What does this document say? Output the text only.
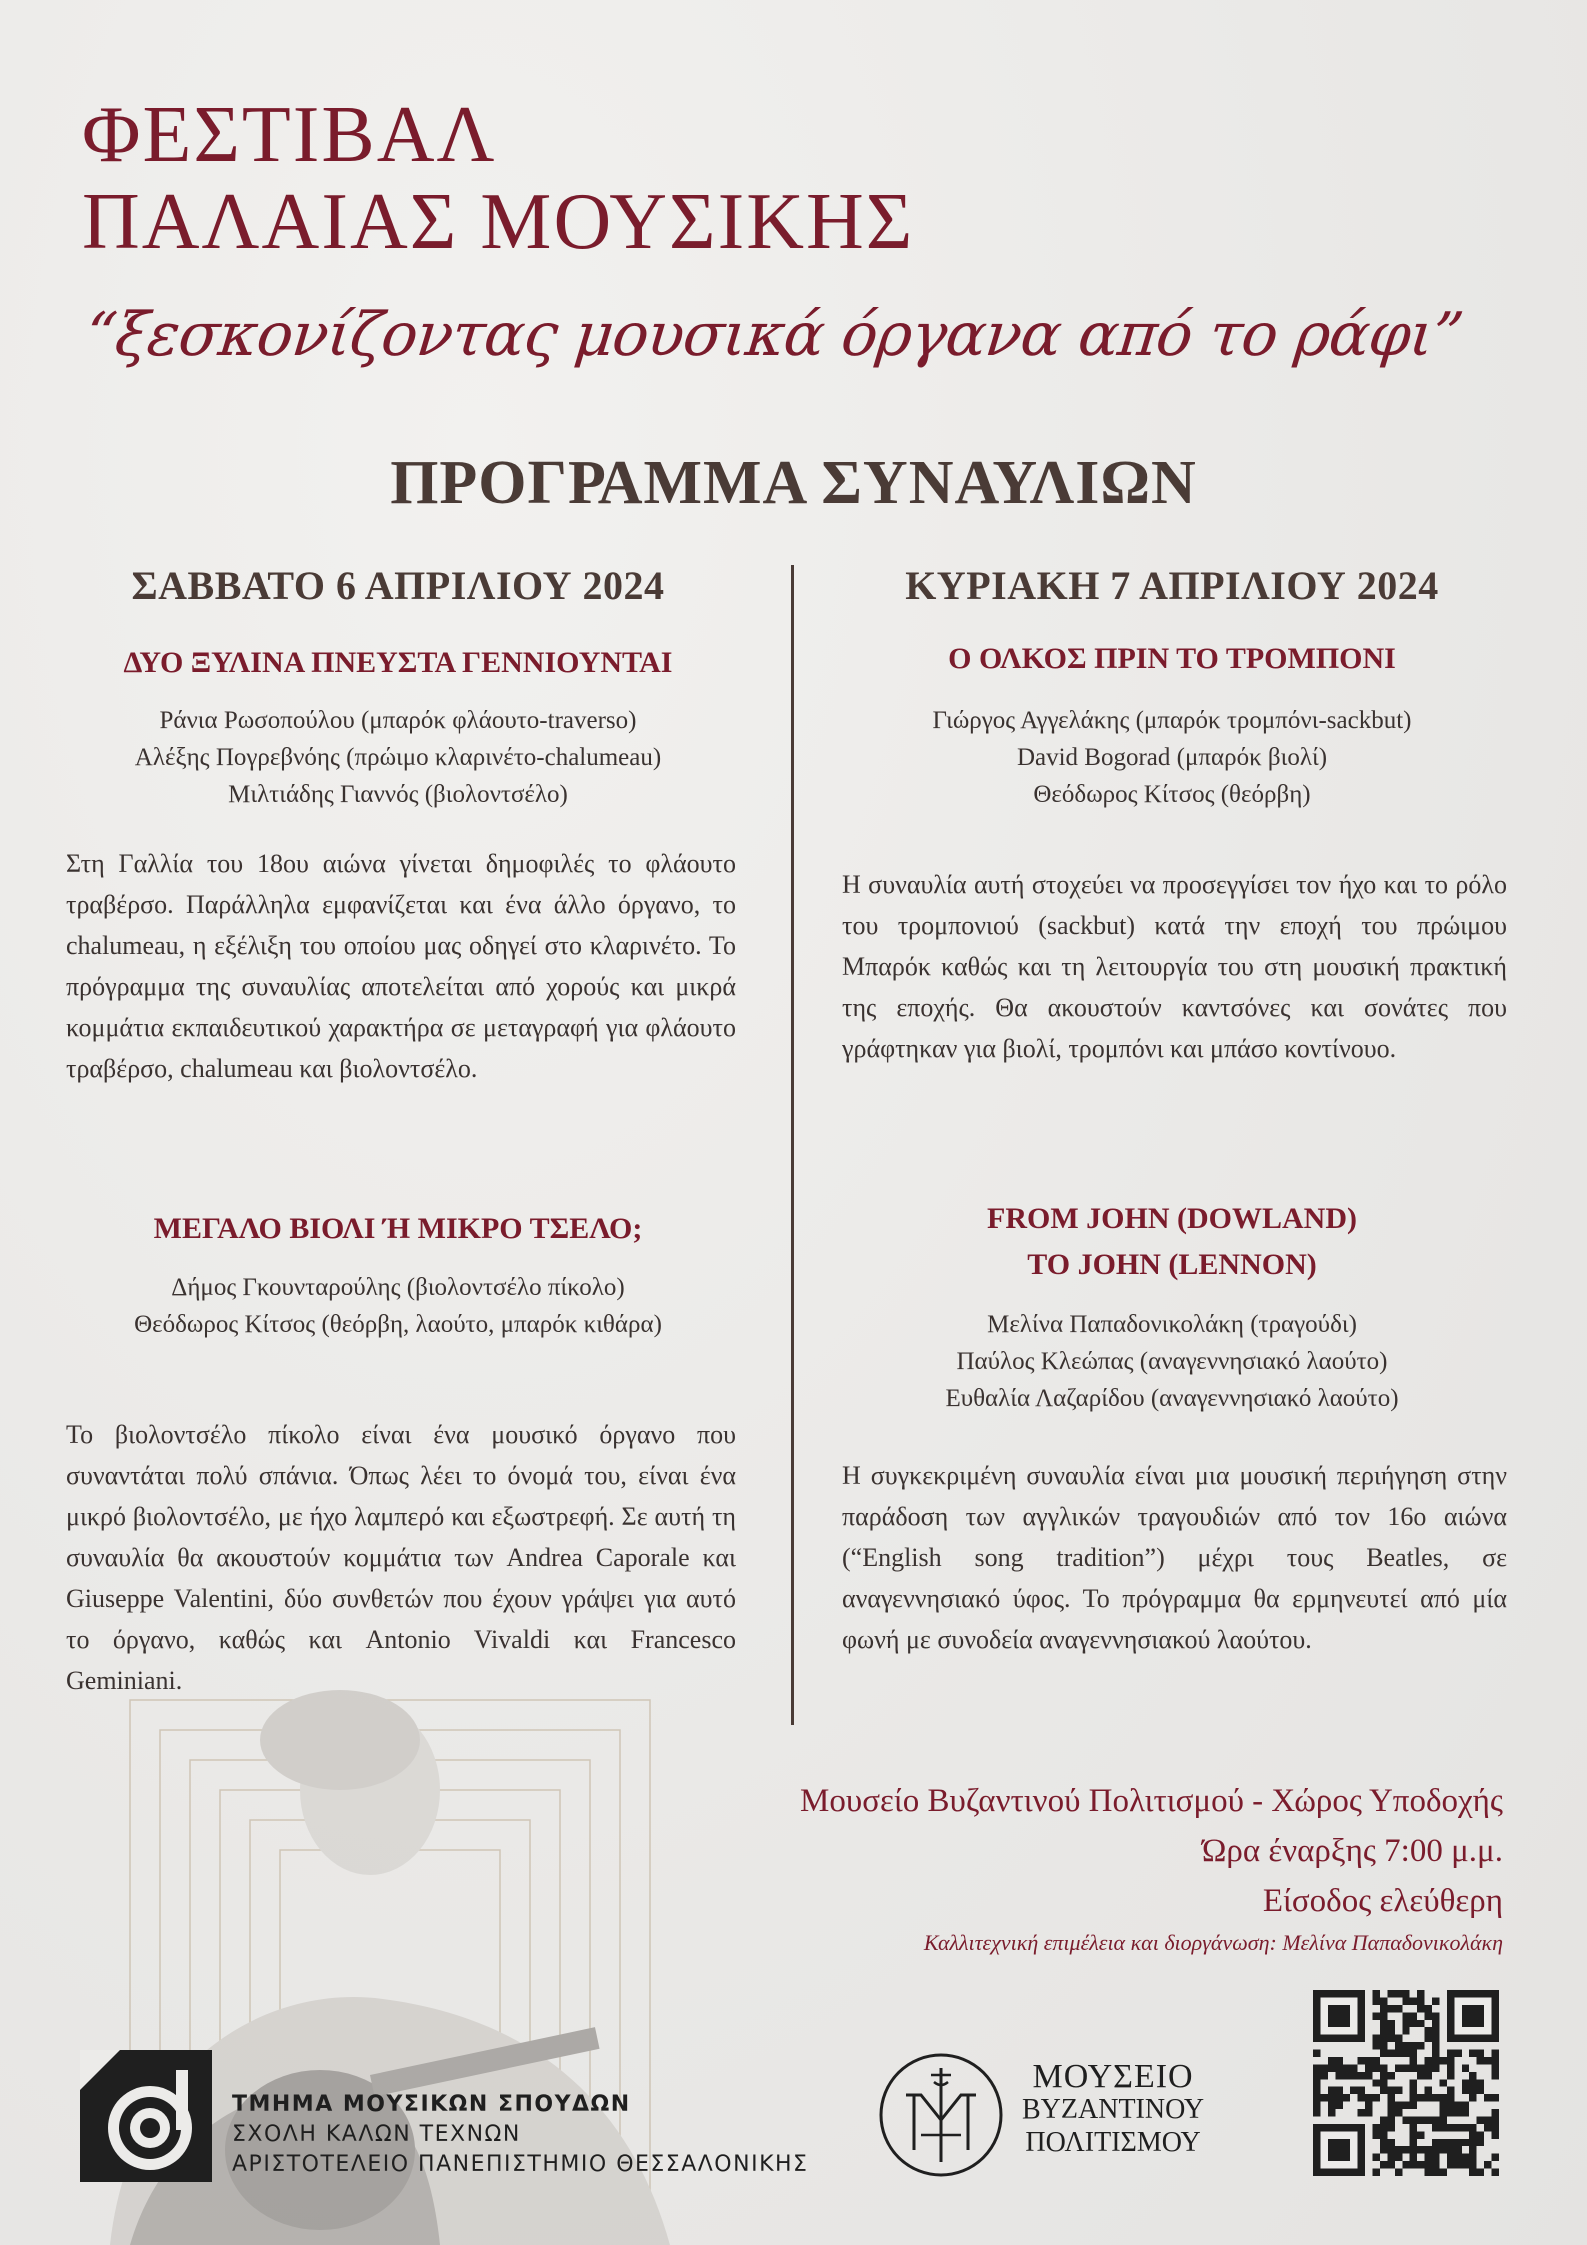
ΦΕΣΤΙΒΑΛ
ΠΑΛΑΙΑΣ ΜΟΥΣΙΚΗΣ
“ξεσκονίζοντας μουσικά όργανα από το ράφι”
ΠΡΟΓΡΑΜΜΑ ΣΥΝΑΥΛΙΩΝ
ΣΑΒΒΑΤΟ 6 ΑΠΡΙΛΙΟΥ 2024
ΔΥΟ ΞΥΛΙΝΑ ΠΝΕΥΣΤΑ ΓΕΝΝΙΟΥΝΤΑΙ
Ράνια Ρωσοπούλου (μπαρόκ φλάουτο-traverso)
Αλέξης Πογρεβνόης (πρώιμο κλαρινέτο-chalumeau)
Μιλτιάδης Γιαννός (βιολοντσέλο)
Στη Γαλλία του 18ου αιώνα γίνεται δημοφιλές το φλάουτο τραβέρσο. Παράλληλα εμφανίζεται και ένα άλλο όργανο, το chalumeau, η εξέλιξη του οποίου μας οδηγεί στο κλαρινέτο. Το πρόγραμμα της συναυλίας αποτελείται από χορούς και μικρά κομμάτια εκπαιδευτικού χαρακτήρα σε μεταγραφή για φλάουτο τραβέρσο, chalumeau και βιολοντσέλο.
ΜΕΓΑΛΟ ΒΙΟΛΙ Ή ΜΙΚΡΟ ΤΣΕΛΟ;
Δήμος Γκουνταρούλης (βιολοντσέλο πίκολο)
Θεόδωρος Κίτσος (θεόρβη, λαούτο, μπαρόκ κιθάρα)
Το βιολοντσέλο πίκολο είναι ένα μουσικό όργανο που συναντάται πολύ σπάνια. Όπως λέει το όνομά του, είναι ένα μικρό βιολοντσέλο, με ήχο λαμπερό και εξωστρεφή. Σε αυτή τη συναυλία θα ακουστούν κομμάτια των Andrea Caporale και Giuseppe Valentini, δύο συνθετών που έχουν γράψει για αυτό το όργανο, καθώς και Antonio Vivaldi και Francesco Geminiani.
ΚΥΡΙΑΚΗ 7 ΑΠΡΙΛΙΟΥ 2024
Ο ΟΛΚΟΣ ΠΡΙΝ ΤΟ ΤΡΟΜΠΟΝΙ
Γιώργος Αγγελάκης (μπαρόκ τρομπόνι-sackbut)
David Bogorad (μπαρόκ βιολί)
Θεόδωρος Κίτσος (θεόρβη)
Η συναυλία αυτή στοχεύει να προσεγγίσει τον ήχο και το ρόλο του τρομπονιού (sackbut) κατά την εποχή του πρώιμου Μπαρόκ καθώς και τη λειτουργία του στη μουσική πρακτική της εποχής. Θα ακουστούν καντσόνες και σονάτες που γράφτηκαν για βιολί, τρομπόνι και μπάσο κοντίνουο.
FROM JOHN (DOWLAND)
TO JOHN (LENNON)
Μελίνα Παπαδονικολάκη (τραγούδι)
Παύλος Κλεώπας (αναγεννησιακό λαούτο)
Ευθαλία Λαζαρίδου (αναγεννησιακό λαούτο)
Η συγκεκριμένη συναυλία είναι μια μουσική περιήγηση στην παράδοση των αγγλικών τραγουδιών από τον 16ο αιώνα (“English song tradition”) μέχρι τους Beatles, σε αναγεννησιακό ύφος. Το πρόγραμμα θα ερμηνευτεί από μία φωνή με συνοδεία αναγεννησιακού λαούτου.
Μουσείο Βυζαντινού Πολιτισμού - Χώρος Υποδοχής
Ώρα έναρξης 7:00 μ.μ.
Είσοδος ελεύθερη
Καλλιτεχνική επιμέλεια και διοργάνωση: Μελίνα Παπαδονικολάκη
ΤΜΗΜΑ ΜΟΥΣΙΚΩΝ ΣΠΟΥΔΩΝ
ΣΧΟΛΗ ΚΑΛΩΝ ΤΕΧΝΩΝ
ΑΡΙΣΤΟΤΕΛΕΙΟ ΠΑΝΕΠΙΣΤΗΜΙΟ ΘΕΣΣΑΛΟΝΙΚΗΣ
ΜΟΥΣΕΙΟ
ΒΥΖΑΝΤΙΝΟΥ
ΠΟΛΙΤΙΣΜΟΥ
